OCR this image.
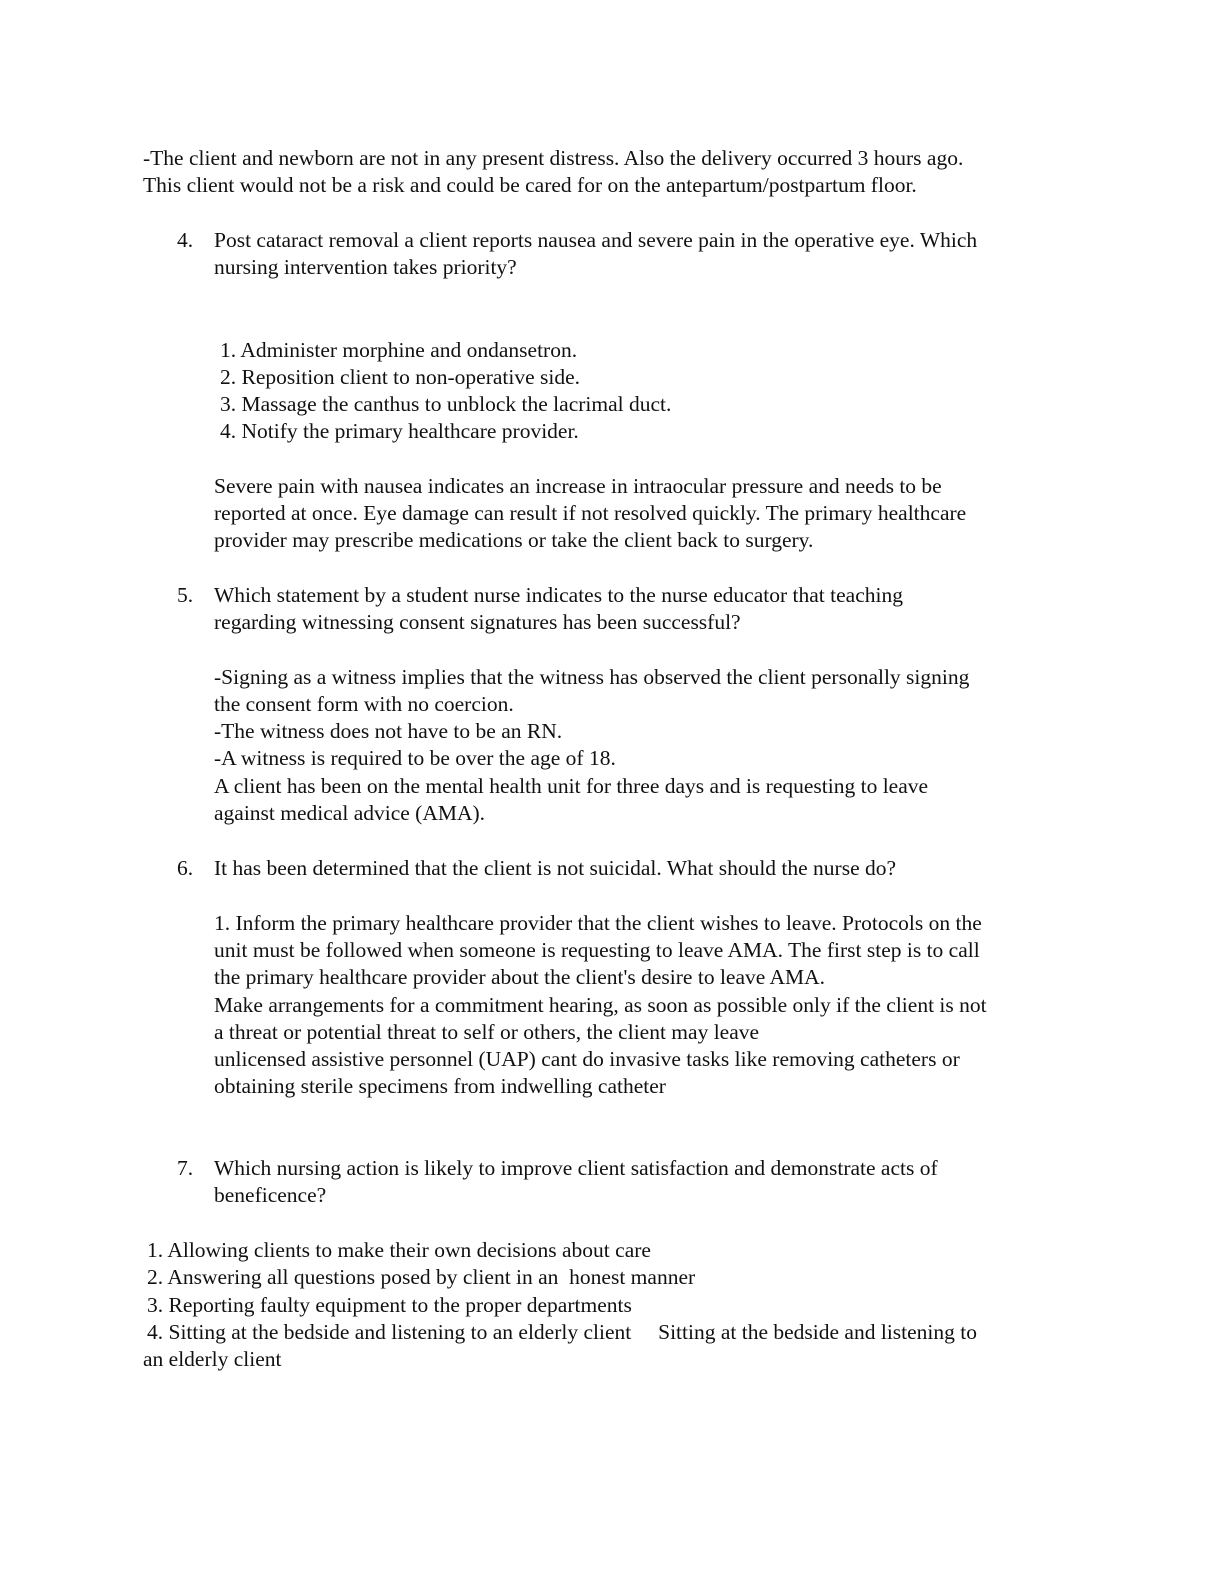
-The client and newborn are not in any present distress. Also the delivery occurred 3 hours ago.
This client would not be a risk and could be cared for on the antepartum/postpartum floor.
4. Post cataract removal a client reports nausea and severe pain in the operative eye. Which
nursing intervention takes priority?
1. Administer morphine and ondansetron.
2. Reposition client to non-operative side.
3. Massage the canthus to unblock the lacrimal duct.
4. Notify the primary healthcare provider.
Severe pain with nausea indicates an increase in intraocular pressure and needs to be
reported at once. Eye damage can result if not resolved quickly. The primary healthcare
provider may prescribe medications or take the client back to surgery.
5. Which statement by a student nurse indicates to the nurse educator that teaching
regarding witnessing consent signatures has been successful?
-Signing as a witness implies that the witness has observed the client personally signing
the consent form with no coercion.
-The witness does not have to be an RN.
-A witness is required to be over the age of 18.
A client has been on the mental health unit for three days and is requesting to leave
against medical advice (AMA).
6. It has been determined that the client is not suicidal. What should the nurse do?
1. Inform the primary healthcare provider that the client wishes to leave. Protocols on the
unit must be followed when someone is requesting to leave AMA. The first step is to call
the primary healthcare provider about the client's desire to leave AMA.
Make arrangements for a commitment hearing, as soon as possible only if the client is not
a threat or potential threat to self or others, the client may leave
unlicensed assistive personnel (UAP) cant do invasive tasks like removing catheters or
obtaining sterile specimens from indwelling catheter
7. Which nursing action is likely to improve client satisfaction and demonstrate acts of
beneficence?
1. Allowing clients to make their own decisions about care
2. Answering all questions posed by client in an  honest manner
3. Reporting faulty equipment to the proper departments
4. Sitting at the bedside and listening to an elderly client     Sitting at the bedside and listening to
an elderly client
